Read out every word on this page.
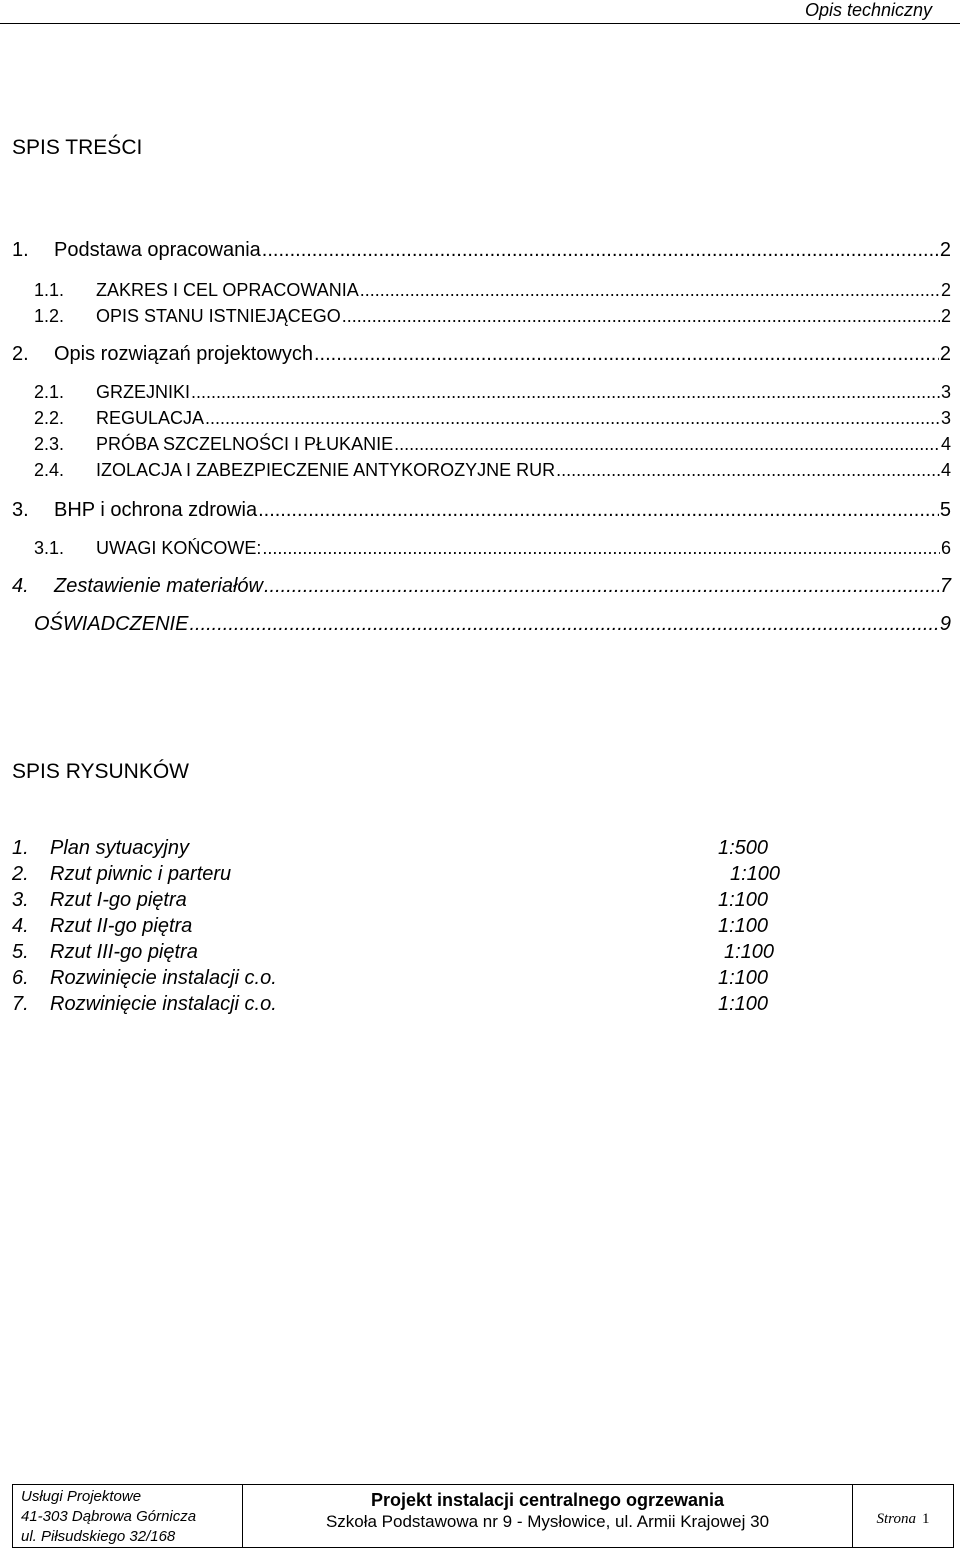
Opis techniczny
SPIS TREŚCI
1.	Podstawa opracowania .....	2
1.1.	ZAKRES I CEL OPRACOWANIA .....	2
1.2.	OPIS STANU ISTNIEJĄCEGO .....	2
2.	Opis rozwiązań projektowych .....	2
2.1.	GRZEJNIKI .....	3
2.2.	REGULACJA .....	3
2.3.	PRÓBA SZCZELNOŚCI I PŁUKANIE .....	4
2.4.	IZOLACJA I ZABEZPIECZENIE ANTYKOROZYJNE RUR .....	4
3.	BHP i ochrona zdrowia .....	5
3.1.	UWAGI KOŃCOWE: .....	6
4.	Zestawienie materiałów .....	7
OŚWIADCZENIE .....	9
SPIS RYSUNKÓW
1. Plan sytuacyjny	1:500
2. Rzut piwnic i parteru	1:100
3. Rzut I-go piętra	1:100
4. Rzut II-go piętra	1:100
5. Rzut III-go piętra	1:100
6. Rozwinięcie instalacji c.o.	1:100
7. Rozwinięcie instalacji c.o.	1:100
Usługi Projektowe
41-303 Dąbrowa Górnicza
ul. Piłsudskiego 32/168
Projekt instalacji centralnego ogrzewania
Szkoła Podstawowa nr 9 - Mysłowice, ul. Armii Krajowej 30	Strona 1
